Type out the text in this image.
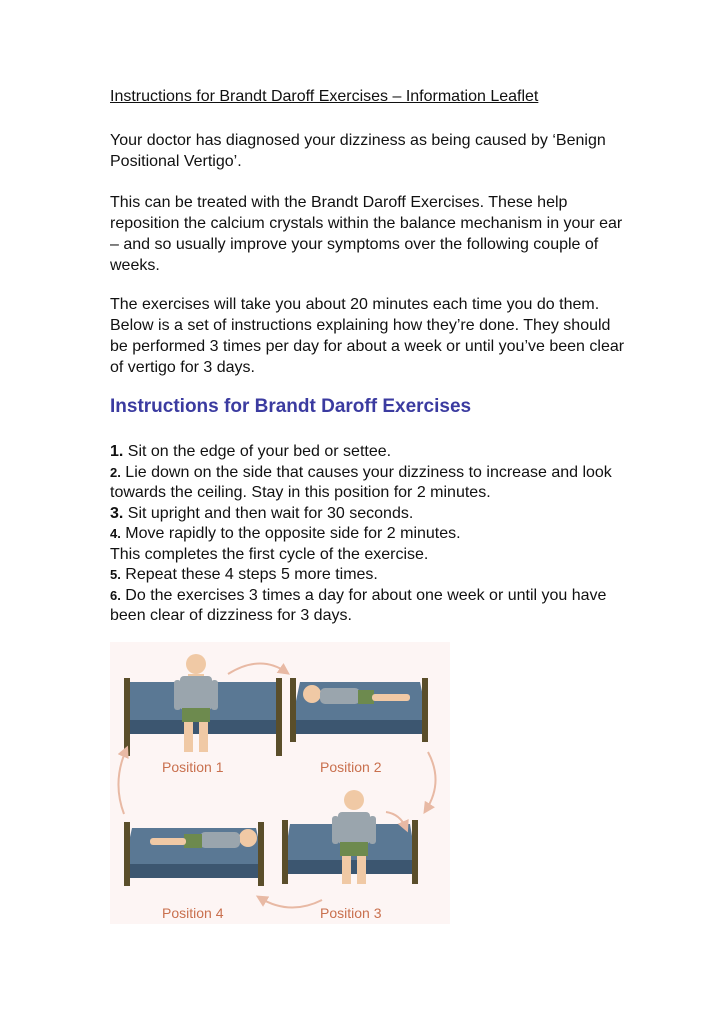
Instructions for Brandt Daroff Exercises – Information Leaflet

Your doctor has diagnosed your dizziness as being caused by ‘Benign Positional Vertigo’.

This can be treated with the Brandt Daroff Exercises. These help reposition the calcium crystals within the balance mechanism in your ear – and so usually improve your symptoms over the following couple of weeks.

The exercises will take you about 20 minutes each time you do them. Below is a set of instructions explaining how they’re done. They should be performed 3 times per day for about a week or until you’ve been clear of vertigo for 3 days.

Instructions for Brandt Daroff Exercises
1. Sit on the edge of your bed or settee.
2. Lie down on the side that causes your dizziness to increase and look towards the ceiling. Stay in this position for 2 minutes.
3. Sit upright and then wait for 30 seconds.
4. Move rapidly to the opposite side for 2 minutes.
This completes the first cycle of the exercise.
5. Repeat these 4 steps 5 more times.
6. Do the exercises 3 times a day for about one week or until you have been clear of dizziness for 3 days.
Position 1	Position 2
Position 3
Position 4
